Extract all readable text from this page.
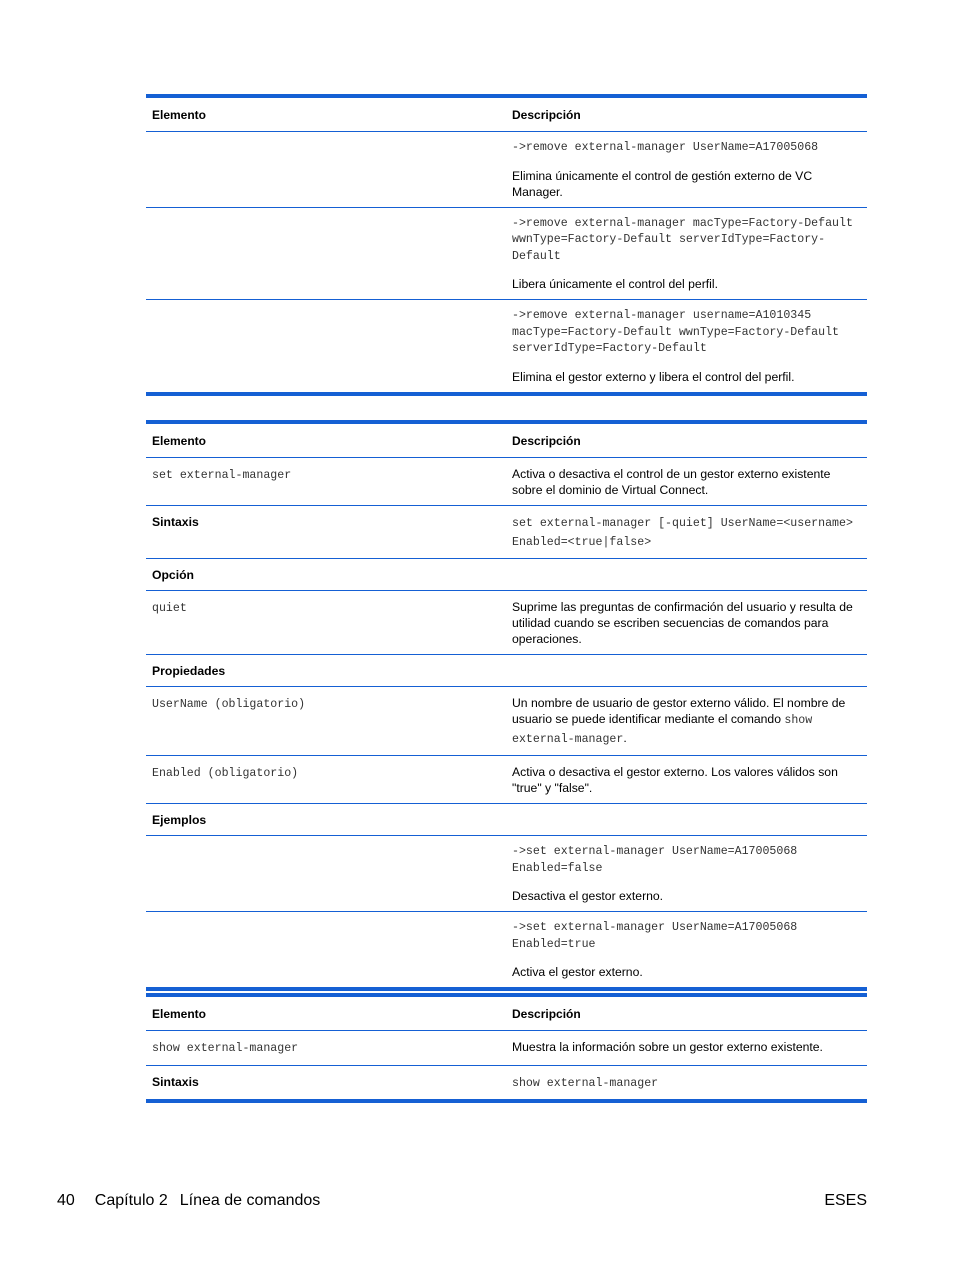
Elemento	Descripción

	->remove external-manager UserName=A17005068
Elimina únicamente el control de gestión externo de VC Manager.

	->remove external-manager macType=Factory-Default wwnType=Factory-Default serverIdType=Factory-Default
Libera únicamente el control del perfil.

	->remove external-manager username=A1010345 macType=Factory-Default wwnType=Factory-Default serverIdType=Factory-Default
Elimina el gestor externo y libera el control del perfil.
Elemento	Descripción
set external-manager	Activa o desactiva el control de un gestor externo existente sobre el dominio de Virtual Connect.
Sintaxis	set external-manager [-quiet] UserName=<username> Enabled=<true|false>
Opción	
quiet	Suprime las preguntas de confirmación del usuario y resulta de utilidad cuando se escriben secuencias de comandos para operaciones.
Propiedades	
UserName (obligatorio)	Un nombre de usuario de gestor externo válido. El nombre de usuario se puede identificar mediante el comando show external-manager.
Enabled (obligatorio)	Activa o desactiva el gestor externo. Los valores válidos son "true" y "false".
Ejemplos	

	->set external-manager UserName=A17005068 Enabled=false
Desactiva el gestor externo.

	->set external-manager UserName=A17005068 Enabled=true
Activa el gestor externo.
Elemento	Descripción
show external-manager	Muestra la información sobre un gestor externo existente.
Sintaxis	show external-manager
40 Capítulo 2 Línea de comandos	ESES
